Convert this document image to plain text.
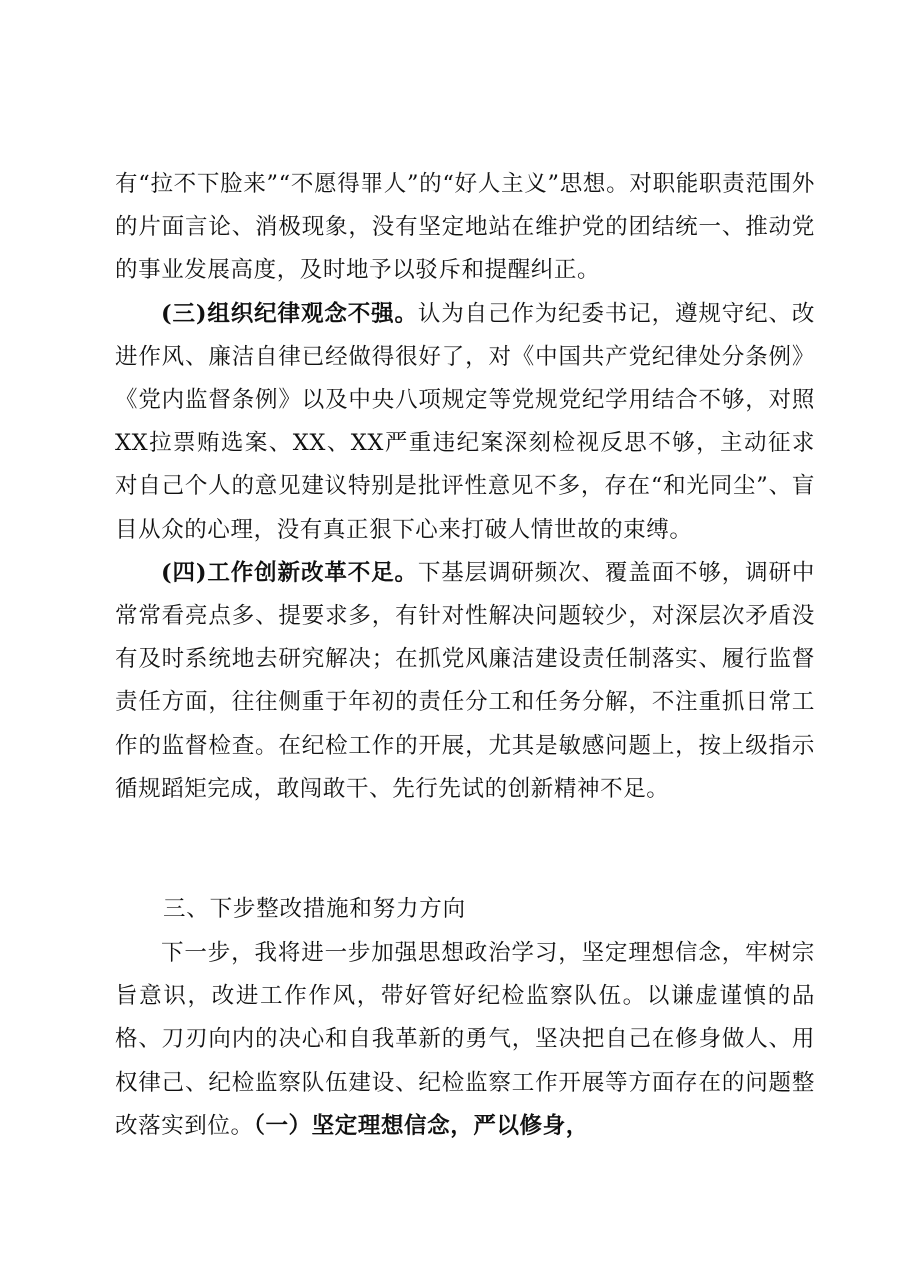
有“拉不下脸来”“不愿得罪人”的“好人主义”思想。对职能职责范围外的片面言论、消极现象，没有坚定地站在维护党的团结统一、推动党的事业发展高度，及时地予以驳斥和提醒纠正。

(三)组织纪律观念不强。认为自己作为纪委书记，遵规守纪、改进作风、廉洁自律已经做得很好了，对《中国共产党纪律处分条例》《党内监督条例》以及中央八项规定等党规党纪学用结合不够，对照XX拉票贿选案、XX、XX严重违纪案深刻检视反思不够，主动征求对自己个人的意见建议特别是批评性意见不多，存在“和光同尘”、盲目从众的心理，没有真正狠下心来打破人情世故的束缚。

(四)工作创新改革不足。下基层调研频次、覆盖面不够，调研中常常看亮点多、提要求多，有针对性解决问题较少，对深层次矛盾没有及时系统地去研究解决；在抓党风廉洁建设责任制落实、履行监督责任方面，往往侧重于年初的责任分工和任务分解，不注重抓日常工作的监督检查。在纪检工作的开展，尤其是敏感问题上，按上级指示循规蹈矩完成，敢闯敢干、先行先试的创新精神不足。

三、下步整改措施和努力方向

下一步，我将进一步加强思想政治学习，坚定理想信念，牢树宗旨意识，改进工作作风，带好管好纪检监察队伍。以谦虚谨慎的品格、刀刃向内的决心和自我革新的勇气，坚决把自己在修身做人、用权律己、纪检监察队伍建设、纪检监察工作开展等方面存在的问题整改落实到位。（一）坚定理想信念，严以修身，
